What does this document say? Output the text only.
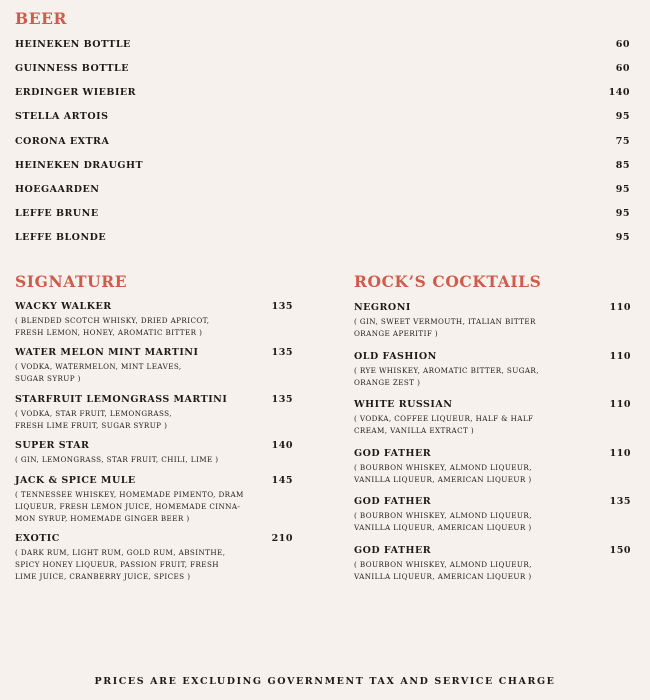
BEER
HEINEKEN BOTTLE	60
GUINNESS BOTTLE	60
ERDINGER WIEBIER	140
STELLA ARTOIS	95
CORONA EXTRA	75
HEINEKEN DRAUGHT	85
HOEGAARDEN	95
LEFFE BRUNE	95
LEFFE BLONDE	95
SIGNATURE	ROCK’S COCKTAILS
WACKY WALKER	135
( BLENDED SCOTCH WHISKY, DRIED APRICOT,
FRESH LEMON, HONEY, AROMATIC BITTER )
WATER MELON MINT MARTINI	135
( VODKA, WATERMELON, MINT LEAVES,
SUGAR SYRUP )
STARFRUIT LEMONGRASS MARTINI	135
( VODKA, STAR FRUIT, LEMONGRASS,
FRESH LIME FRUIT, SUGAR SYRUP )
SUPER STAR	140
( GIN, LEMONGRASS, STAR FRUIT, CHILI, LIME )
JACK & SPICE MULE	145
( TENNESSEE WHISKEY, HOMEMADE PIMENTO, DRAM
LIQUEUR, FRESH LEMON JUICE, HOMEMADE CINNA-
MON SYRUP, HOMEMADE GINGER BEER )
EXOTIC	210
( DARK RUM, LIGHT RUM, GOLD RUM, ABSINTHE,
SPICY HONEY LIQUEUR, PASSION FRUIT, FRESH
LIME JUICE, CRANBERRY JUICE, SPICES )
NEGRONI	110
( GIN, SWEET VERMOUTH, ITALIAN BITTER
ORANGE APERITIF )
OLD FASHION	110
( RYE WHISKEY, AROMATIC BITTER, SUGAR,
ORANGE ZEST )
WHITE RUSSIAN	110
( VODKA, COFFEE LIQUEUR, HALF & HALF
CREAM, VANILLA EXTRACT )
GOD FATHER	110
( BOURBON WHISKEY, ALMOND LIQUEUR,
VANILLA LIQUEUR, AMERICAN LIQUEUR )
GOD FATHER	135
( BOURBON WHISKEY, ALMOND LIQUEUR,
VANILLA LIQUEUR, AMERICAN LIQUEUR )
GOD FATHER	150
( BOURBON WHISKEY, ALMOND LIQUEUR,
VANILLA LIQUEUR, AMERICAN LIQUEUR )
PRICES ARE EXCLUDING GOVERNMENT TAX AND SERVICE CHARGE
